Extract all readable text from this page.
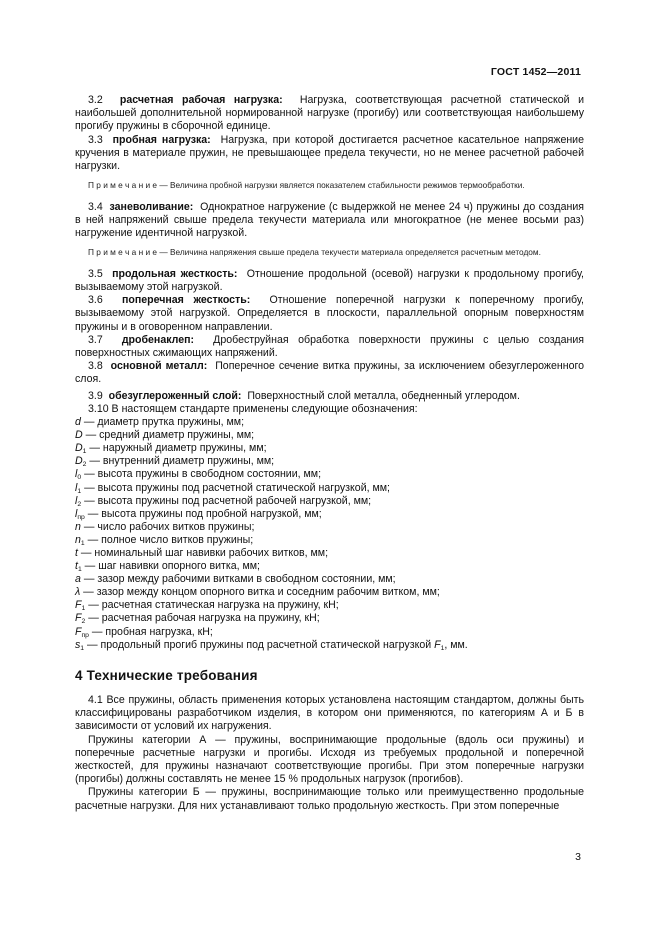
ГОСТ 1452—2011

3.2 расчетная рабочая нагрузка: Нагрузка, соответствующая расчетной статической и наибольшей дополнительной нормированной нагрузке (прогибу) или соответствующая наибольшему прогибу пружины в сборочной единице.

3.3 пробная нагрузка: Нагрузка, при которой достигается расчетное касательное напряжение кручения в материале пружин, не превышающее предела текучести, но не менее расчетной рабочей нагрузки.

П р и м е ч а н и е — Величина пробной нагрузки является показателем стабильности режимов термообработки.

3.4 заневоливание: Однократное нагружение (с выдержкой не менее 24 ч) пружины до создания в ней напряжений свыше предела текучести материала или многократное (не менее восьми раз) нагружение идентичной нагрузкой.

П р и м е ч а н и е — Величина напряжения свыше предела текучести материала определяется расчетным методом.

3.5 продольная жесткость: Отношение продольной (осевой) нагрузки к продольному прогибу, вызываемому этой нагрузкой.

3.6 поперечная жесткость: Отношение поперечной нагрузки к поперечному прогибу, вызываемому этой нагрузкой. Определяется в плоскости, параллельной опорным поверхностям пружины и в оговоренном направлении.

3.7 дробенаклеп: Дробеструйная обработка поверхности пружины с целью создания поверхностных сжимающих напряжений.

3.8 основной металл: Поперечное сечение витка пружины, за исключением обезуглероженного слоя.

3.9 обезуглероженный слой: Поверхностный слой металла, обедненный углеродом.

3.10 В настоящем стандарте применены следующие обозначения:

d — диаметр прутка пружины, мм;
D — средний диаметр пружины, мм;
$D_1$ — наружный диаметр пружины, мм;
$D_2$ — внутренний диаметр пружины, мм;
$l_0$ — высота пружины в свободном состоянии, мм;
$l_1$ — высота пружины под расчетной статической нагрузкой, мм;
$l_2$ — высота пружины под расчетной рабочей нагрузкой, мм;
$l_{пр}$ — высота пружины под пробной нагрузкой, мм;
n — число рабочих витков пружины;
$n_1$ — полное число витков пружины;
t — номинальный шаг навивки рабочих витков, мм;
$t_1$ — шаг навивки опорного витка, мм;
a — зазор между рабочими витками в свободном состоянии, мм;
λ — зазор между концом опорного витка и соседним рабочим витком, мм;
$F_1$ — расчетная статическая нагрузка на пружину, кН;
$F_2$ — расчетная рабочая нагрузка на пружину, кН;
$F_{пр}$ — пробная нагрузка, кН;
$s_1$ — продольный прогиб пружины под расчетной статической нагрузкой $F_1$, мм.
4 Технические требования

4.1 Все пружины, область применения которых установлена настоящим стандартом, должны быть классифицированы разработчиком изделия, в котором они применяются, по категориям А и Б в зависимости от условий их нагружения.

Пружины категории А — пружины, воспринимающие продольные (вдоль оси пружины) и поперечные расчетные нагрузки и прогибы. Исходя из требуемых продольной и поперечной жесткостей, для пружины назначают соответствующие прогибы. При этом поперечные нагрузки (прогибы) должны составлять не менее 15 % продольных нагрузок (прогибов).

Пружины категории Б — пружины, воспринимающие только или преимущественно продольные расчетные нагрузки. Для них устанавливают только продольную жесткость. При этом поперечные

3
